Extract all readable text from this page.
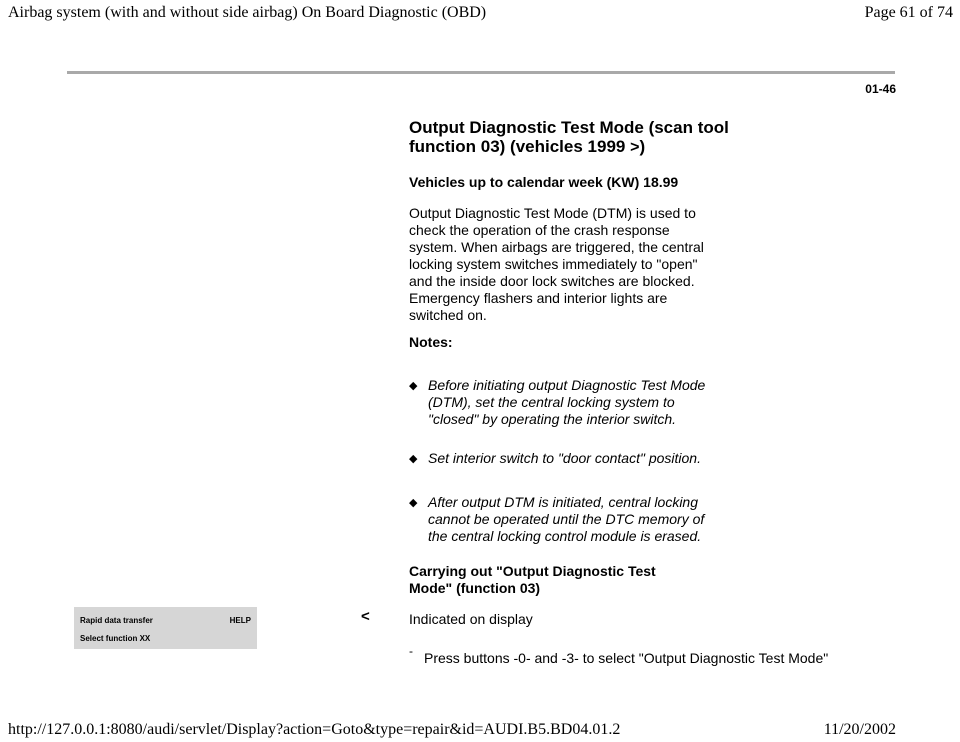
Airbag system (with and without side airbag) On Board Diagnostic (OBD)	Page 61 of 74
01-46
Output Diagnostic Test Mode (scan tool
function 03) (vehicles 1999 >)
Vehicles up to calendar week (KW) 18.99
Output Diagnostic Test Mode (DTM) is used to
check the operation of the crash response
system. When airbags are triggered, the central
locking system switches immediately to "open"
and the inside door lock switches are blocked.
Emergency flashers and interior lights are
switched on.
Notes:
◆ Before initiating output Diagnostic Test Mode
(DTM), set the central locking system to
"closed" by operating the interior switch.
◆ Set interior switch to "door contact" position.
◆ After output DTM is initiated, central locking
cannot be operated until the DTC memory of
the central locking control module is erased.
Carrying out "Output Diagnostic Test
Mode" (function 03)
Rapid data transfer	HELP
Select function XX
<	Indicated on display
- Press buttons -0- and -3- to select "Output Diagnostic Test Mode"
http://127.0.0.1:8080/audi/servlet/Display?action=Goto&type=repair&id=AUDI.B5.BD04.01.2	11/20/2002
